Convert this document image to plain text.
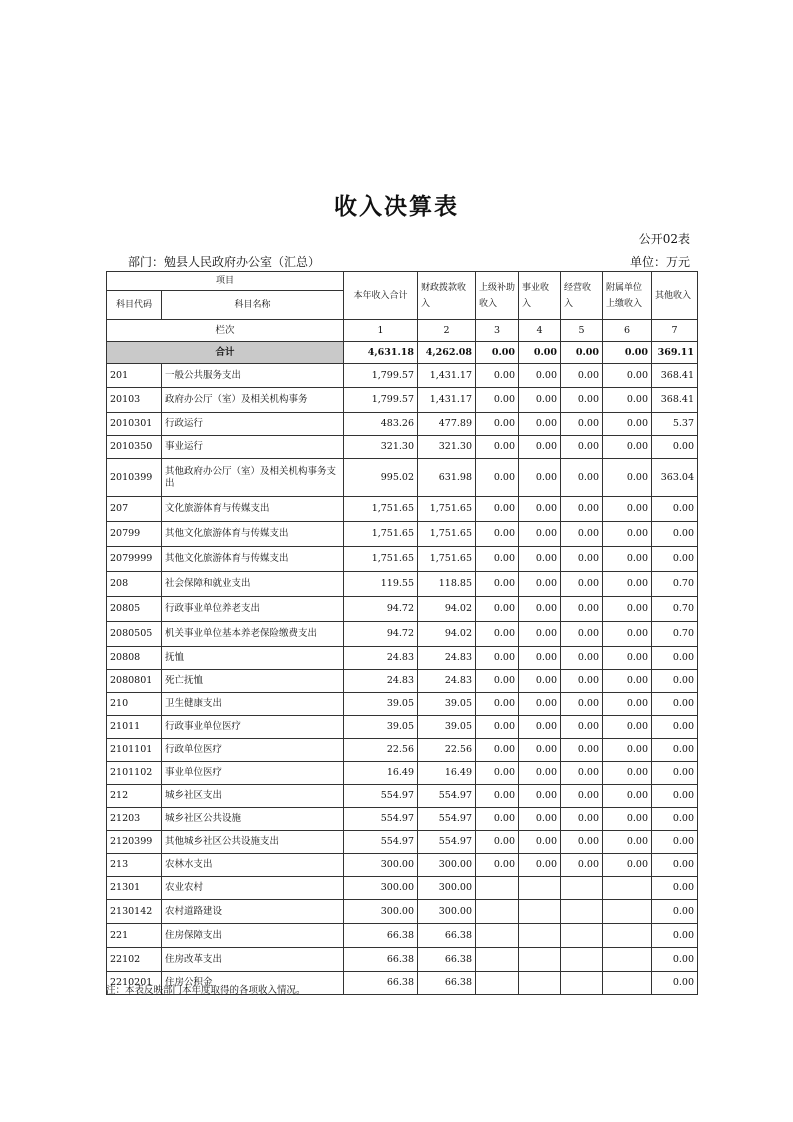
收入决算表
公开02表
部门：勉县人民政府办公室（汇总）	单位：万元
项目		本年收入合计	财政拨款收入	上级补助收入	事业收入	经营收入	附属单位上缴收入	其他收入
科目代码	科目名称							
栏次		1	2	3	4	5	6	7
合计		4,631.18	4,262.08	0.00	0.00	0.00	0.00	369.11
201	一般公共服务支出	1,799.57	1,431.17	0.00	0.00	0.00	0.00	368.41
20103	政府办公厅（室）及相关机构事务	1,799.57	1,431.17	0.00	0.00	0.00	0.00	368.41
2010301	行政运行	483.26	477.89	0.00	0.00	0.00	0.00	5.37
2010350	事业运行	321.30	321.30	0.00	0.00	0.00	0.00	0.00
2010399	其他政府办公厅（室）及相关机构事务支出	995.02	631.98	0.00	0.00	0.00	0.00	363.04
207	文化旅游体育与传媒支出	1,751.65	1,751.65	0.00	0.00	0.00	0.00	0.00
20799	其他文化旅游体育与传媒支出	1,751.65	1,751.65	0.00	0.00	0.00	0.00	0.00
2079999	其他文化旅游体育与传媒支出	1,751.65	1,751.65	0.00	0.00	0.00	0.00	0.00
208	社会保障和就业支出	119.55	118.85	0.00	0.00	0.00	0.00	0.70
20805	行政事业单位养老支出	94.72	94.02	0.00	0.00	0.00	0.00	0.70
2080505	机关事业单位基本养老保险缴费支出	94.72	94.02	0.00	0.00	0.00	0.00	0.70
20808	抚恤	24.83	24.83	0.00	0.00	0.00	0.00	0.00
2080801	死亡抚恤	24.83	24.83	0.00	0.00	0.00	0.00	0.00
210	卫生健康支出	39.05	39.05	0.00	0.00	0.00	0.00	0.00
21011	行政事业单位医疗	39.05	39.05	0.00	0.00	0.00	0.00	0.00
2101101	行政单位医疗	22.56	22.56	0.00	0.00	0.00	0.00	0.00
2101102	事业单位医疗	16.49	16.49	0.00	0.00	0.00	0.00	0.00
212	城乡社区支出	554.97	554.97	0.00	0.00	0.00	0.00	0.00
21203	城乡社区公共设施	554.97	554.97	0.00	0.00	0.00	0.00	0.00
2120399	其他城乡社区公共设施支出	554.97	554.97	0.00	0.00	0.00	0.00	0.00
213	农林水支出	300.00	300.00	0.00	0.00	0.00	0.00	0.00
21301	农业农村	300.00	300.00					0.00
2130142	农村道路建设	300.00	300.00					0.00
221	住房保障支出	66.38	66.38					0.00
22102	住房改革支出	66.38	66.38					0.00
2210201	住房公积金	66.38	66.38					0.00
注：本表反映部门本年度取得的各项收入情况。
